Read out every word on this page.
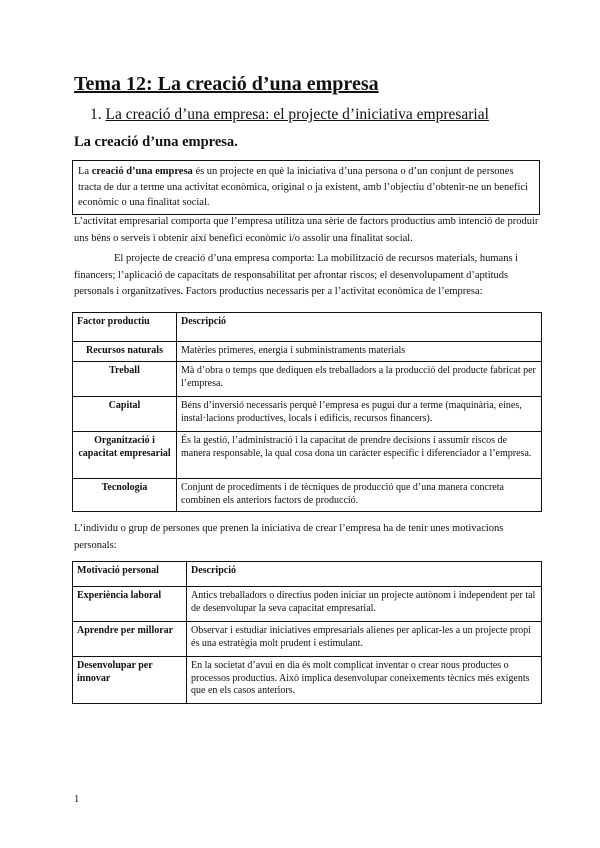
Tema 12: La creació d’una empresa
1. La creació d’una empresa: el projecte d’iniciativa empresarial
La creació d’una empresa.
La creació d’una empresa és un projecte en què la iniciativa d’una persona o d’un conjunt de persones tracta de dur a terme una activitat econòmica, original o ja existent, amb l’objectiu d’obtenir-ne un benefici econòmic o una finalitat social.
L’activitat empresarial comporta que l’empresa utilitza una sèrie de factors productius amb intenció de produir uns béns o serveis i obtenir així benefici econòmic i/o assolir una finalitat social.
El projecte de creació d’una empresa comporta: La mobilització de recursos materials, humans i financers; l’aplicació de capacitats de responsabilitat per afrontar riscos; el desenvolupament d’aptituds personals i organitzatives. Factors productius necessaris per a l’activitat econòmica de l’empresa:
Factor productiu	Descripció
Recursos naturals	Matèries primeres, energia i subministraments materials
Treball	Mà d’obra o temps que dediquen els treballadors a la producció del producte fabricat per l’empresa.
Capital	Béns d’inversió necessaris perquè l’empresa es pugui dur a terme (maquinària, eines, instal·lacions productives, locals i edificis, recursos financers).
Organització i capacitat empresarial	És la gestió, l’administració i la capacitat de prendre decisions i assumir riscos de manera responsable, la qual cosa dona un caràcter específic i diferenciador a l’empresa.
Tecnologia	Conjunt de procediments i de tècniques de producció que d’una manera concreta combinen els anteriors factors de producció.
L’individu o grup de persones que prenen la iniciativa de crear l’empresa ha de tenir unes motivacions personals:
Motivació personal	Descripció
Experiència laboral	Antics treballadors o directius poden iniciar un projecte autònom i independent per tal de desenvolupar la seva capacitat empresarial.
Aprendre per millorar	Observar i estudiar iniciatives empresarials alienes per aplicar-les a un projecte propi és una estratègia molt prudent i estimulant.
Desenvolupar per innovar	En la societat d’avui en dia és molt complicat inventar o crear nous productes o processos productius. Això implica desenvolupar coneixements tècnics més exigents que en els casos anteriors.
1
